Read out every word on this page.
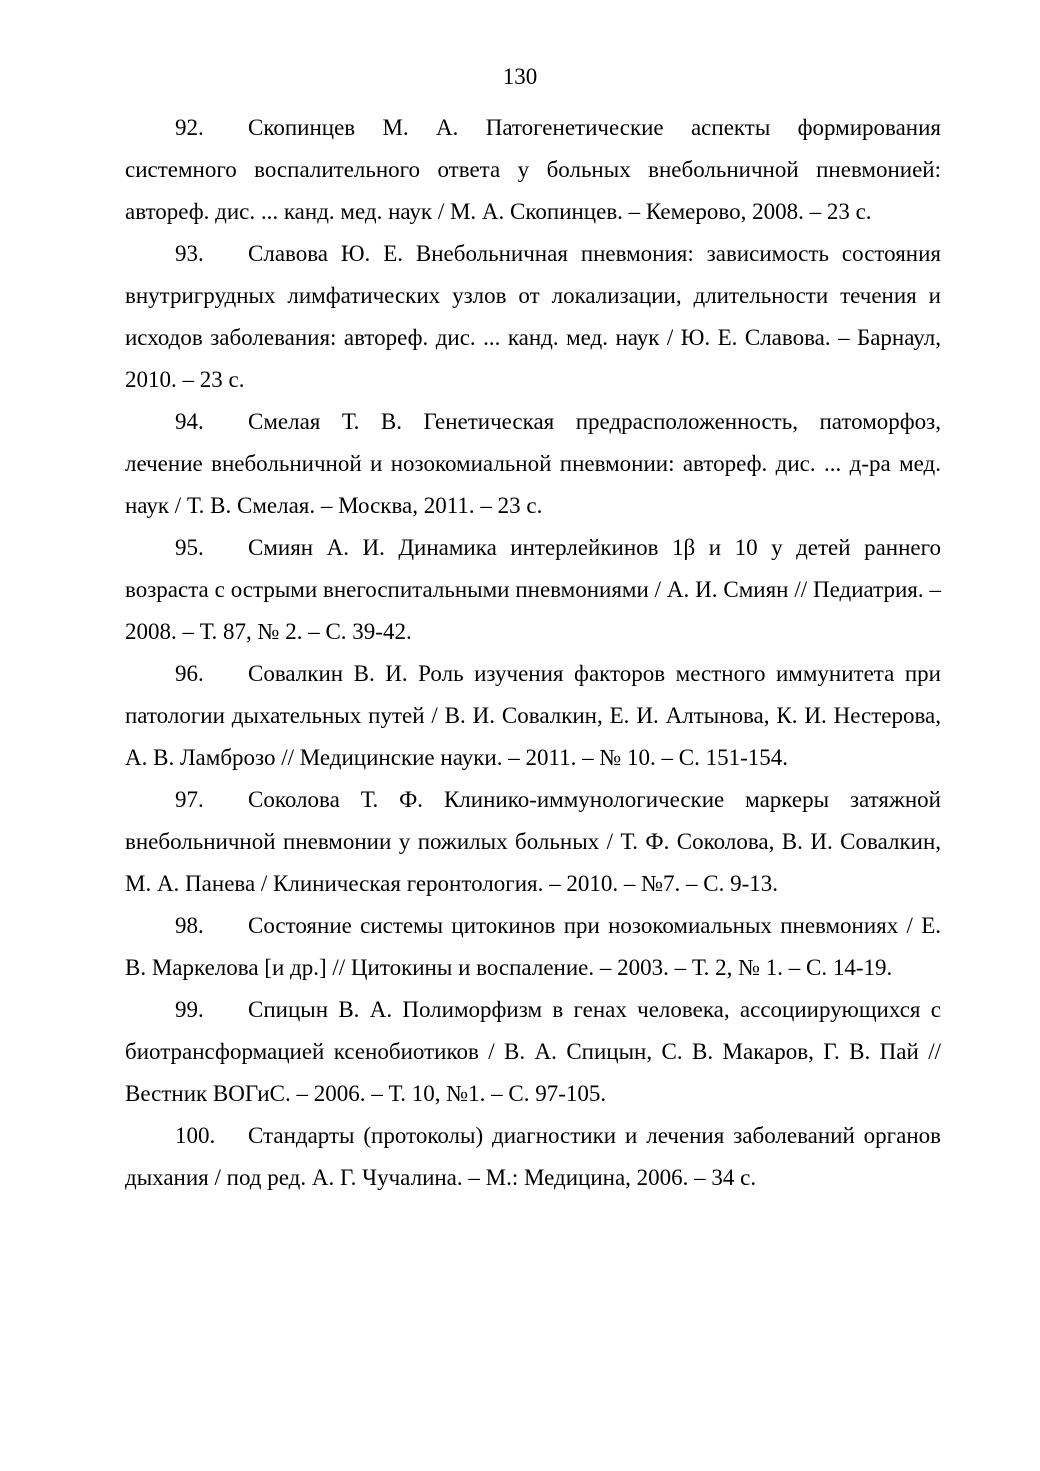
130
92. Скопинцев М. А. Патогенетические аспекты формирования системного воспалительного ответа у больных внебольничной пневмонией: автореф. дис. ... канд. мед. наук / М. А. Скопинцев. – Кемерово, 2008. – 23 с.
93. Славова Ю. Е. Внебольничная пневмония: зависимость состояния внутригрудных лимфатических узлов от локализации, длительности течения и исходов заболевания: автореф. дис. ... канд. мед. наук / Ю. Е. Славова. – Барнаул, 2010. – 23 с.
94. Смелая Т. В. Генетическая предрасположенность, патоморфоз, лечение внебольничной и нозокомиальной пневмонии: автореф. дис. ... д-ра мед. наук / Т. В. Смелая. – Москва, 2011. – 23 с.
95. Смиян А. И. Динамика интерлейкинов 1β и 10 у детей раннего возраста с острыми внегоспитальными пневмониями / А. И. Смиян // Педиатрия. – 2008. – Т. 87, № 2. – С. 39-42.
96. Совалкин В. И. Роль изучения факторов местного иммунитета при патологии дыхательных путей / В. И. Совалкин, Е. И. Алтынова, К. И. Нестерова, А. В. Ламброзо // Медицинские науки. – 2011. – № 10. – С. 151-154.
97. Соколова Т. Ф. Клинико-иммунологические маркеры затяжной внебольничной пневмонии у пожилых больных / Т. Ф. Соколова, В. И. Совалкин, М. А. Панева / Клиническая геронтология. – 2010. – №7. – С. 9-13.
98. Состояние системы цитокинов при нозокомиальных пневмониях / Е. В. Маркелова [и др.] // Цитокины и воспаление. – 2003. – Т. 2, № 1. – С. 14-19.
99. Спицын В. А. Полиморфизм в генах человека, ассоциирующихся с биотрансформацией ксенобиотиков / В. А. Спицын, С. В. Макаров, Г. В. Пай // Вестник ВОГиС. – 2006. – Т. 10, №1. – С. 97-105.
100. Стандарты (протоколы) диагностики и лечения заболеваний органов дыхания / под ред. А. Г. Чучалина. – М.: Медицина, 2006. – 34 с.
